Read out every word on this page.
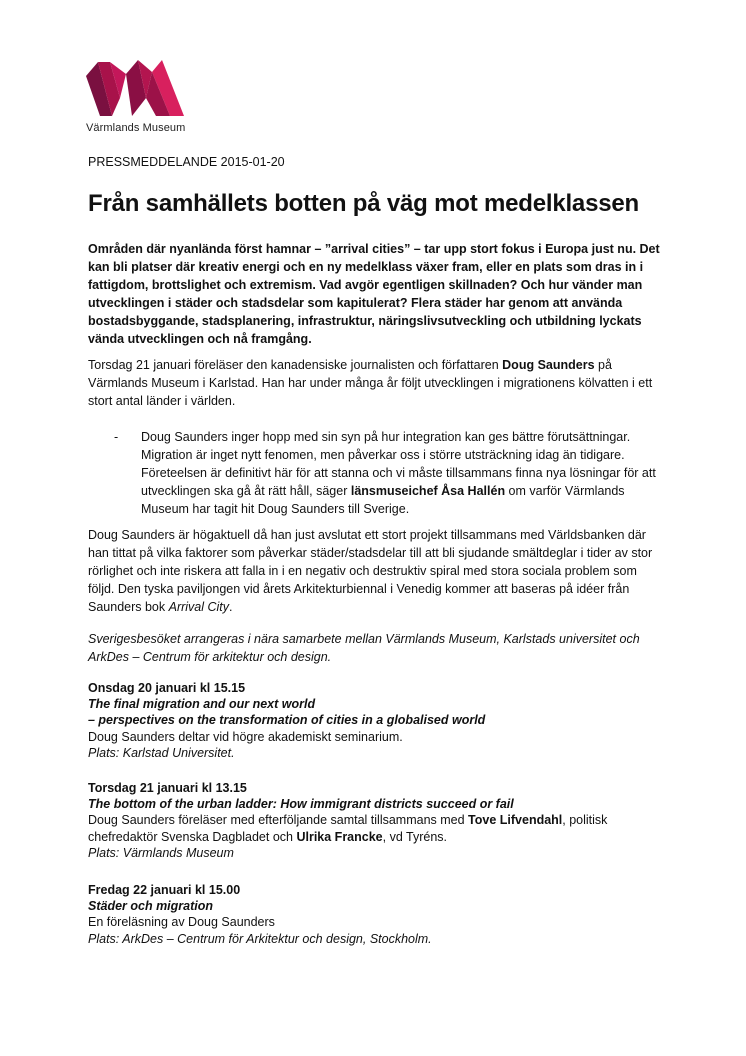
Värmlands Museum
PRESSMEDDELANDE 2015-01-20
Från samhällets botten på väg mot medelklassen
Områden där nyanlända först hamnar – ”arrival cities” – tar upp stort fokus i Europa just nu. Det kan bli platser där kreativ energi och en ny medelklass växer fram, eller en plats som dras in i fattigdom, brottslighet och extremism. Vad avgör egentligen skillnaden? Och hur vänder man utvecklingen i städer och stadsdelar som kapitulerat? Flera städer har genom att använda bostadsbyggande, stadsplanering, infrastruktur, näringslivsutveckling och utbildning lyckats vända utvecklingen och nå framgång.
Torsdag 21 januari föreläser den kanadensiske journalisten och författaren Doug Saunders på Värmlands Museum i Karlstad. Han har under många år följt utvecklingen i migrationens kölvatten i ett stort antal länder i världen.
- Doug Saunders inger hopp med sin syn på hur integration kan ges bättre förutsättningar. Migration är inget nytt fenomen, men påverkar oss i större utsträckning idag än tidigare. Företeelsen är definitivt här för att stanna och vi måste tillsammans finna nya lösningar för att utvecklingen ska gå åt rätt håll, säger länsmuseichef Åsa Hallén om varför Värmlands Museum har tagit hit Doug Saunders till Sverige.
Doug Saunders är högaktuell då han just avslutat ett stort projekt tillsammans med Världsbanken där han tittat på vilka faktorer som påverkar städer/stadsdelar till att bli sjudande smältdeglar i tider av stor rörlighet och inte riskera att falla in i en negativ och destruktiv spiral med stora sociala problem som följd. Den tyska paviljongen vid årets Arkitekturbiennal i Venedig kommer att baseras på idéer från Saunders bok Arrival City.
Sverigesbesöket arrangeras i nära samarbete mellan Värmlands Museum, Karlstads universitet och ArkDes – Centrum för arkitektur och design.
Onsdag 20 januari kl 15.15
The final migration and our next world
– perspectives on the transformation of cities in a globalised world
Doug Saunders deltar vid högre akademiskt seminarium.
Plats: Karlstad Universitet.
Torsdag 21 januari kl 13.15
The bottom of the urban ladder: How immigrant districts succeed or fail
Doug Saunders föreläser med efterföljande samtal tillsammans med Tove Lifvendahl, politisk chefredaktör Svenska Dagbladet och Ulrika Francke, vd Tyréns.
Plats: Värmlands Museum
Fredag 22 januari kl 15.00
Städer och migration
En föreläsning av Doug Saunders
Plats: ArkDes – Centrum för Arkitektur och design, Stockholm.
